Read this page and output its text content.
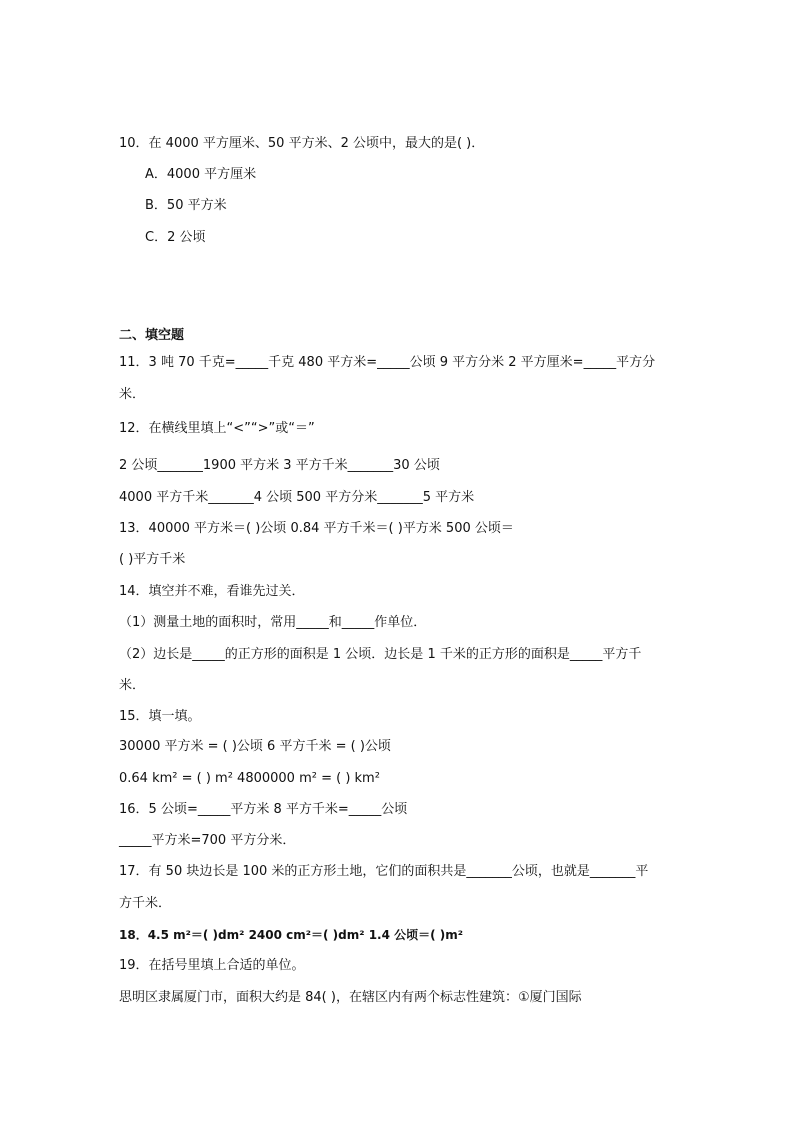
10．在 4000 平方厘米、50 平方米、2 公顷中，最大的是( )．
A．4000 平方厘米
B．50 平方米
C．2 公顷
二、填空题
11．3 吨 70 千克=_____千克 480 平方米=_____公顷 9 平方分米 2 平方厘米=_____平方分
米．
12．在横线里填上“<”“>”或“＝”
2 公顷_______1900 平方米 3 平方千米_______30 公顷
4000 平方千米_______4 公顷 500 平方分米_______5 平方米
13．40000 平方米＝( )公顷 0.84 平方千米＝( )平方米 500 公顷＝
( )平方千米
14．填空并不难，看谁先过关．
（1）测量土地的面积时，常用_____和_____作单位．
（2）边长是_____的正方形的面积是 1 公顷．边长是 1 千米的正方形的面积是_____平方千
米．
15．填一填。
30000 平方米 = ( )公顷 6 平方千米 = ( )公顷
0.64 km² = ( ) m² 4800000 m² = ( ) km²
16．5 公顷=_____平方米 8 平方千米=_____公顷
_____平方米=700 平方分米．
17．有 50 块边长是 100 米的正方形土地，它们的面积共是_______公顷，也就是_______平
方千米．
18．4.5 m²＝( )dm² 2400 cm²＝( )dm² 1.4 公顷＝( )m²
19．在括号里填上合适的单位。
思明区隶属厦门市，面积大约是 84( )，在辖区内有两个标志性建筑：①厦门国际
